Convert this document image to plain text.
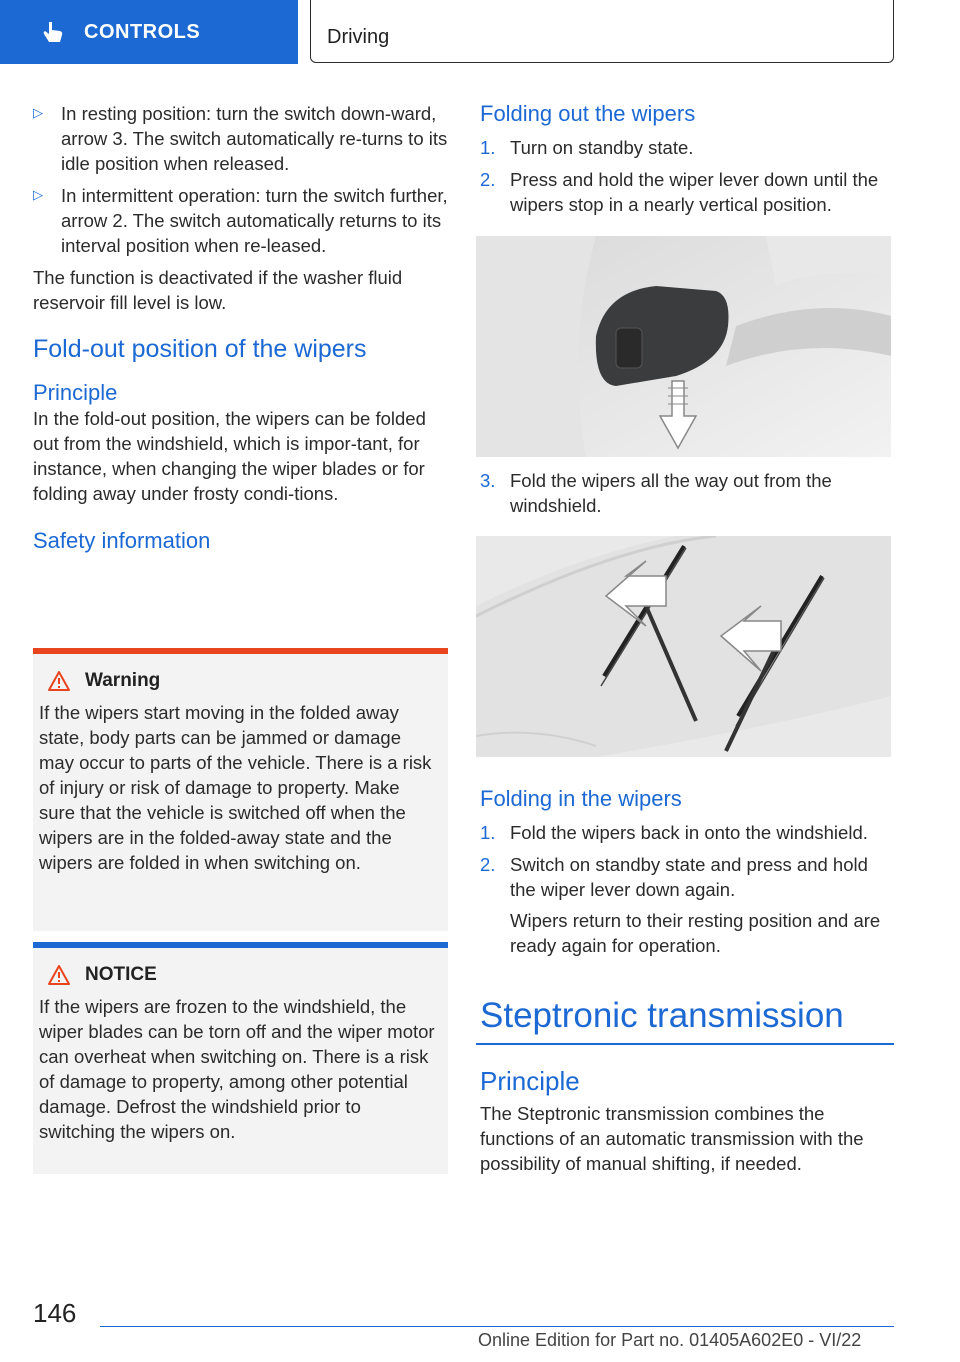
CONTROLS	Driving
▷ In resting position: turn the switch down‐ward, arrow 3. The switch automatically re‐turns to its idle position when released.

▷ In intermittent operation: turn the switch further, arrow 2. The switch automatically returns to its interval position when re‐leased.

The function is deactivated if the washer fluid reservoir fill level is low.

Fold-out position of the wipers
Principle

In the fold-out position, the wipers can be folded out from the windshield, which is impor‐tant, for instance, when changing the wiper blades or for folding away under frosty condi‐tions.

Safety information
Warning

If the wipers start moving in the folded away state, body parts can be jammed or damage may occur to parts of the vehicle. There is a risk of injury or risk of damage to property. Make sure that the vehicle is switched off when the wipers are in the folded-away state and the wipers are folded in when switching on.

NOTICE

If the wipers are frozen to the windshield, the wiper blades can be torn off and the wiper motor can overheat when switching on. There is a risk of damage to property, among other potential damage. Defrost the windshield prior to switching the wipers on.

Folding out the wipers
1. Turn on standby state.

2. Press and hold the wiper lever down until the wipers stop in a nearly vertical position.

3. Fold the wipers all the way out from the windshield.

Folding in the wipers
1. Fold the wipers back in onto the windshield.

2. Switch on standby state and press and hold the wiper lever down again.

Wipers return to their resting position and are ready again for operation.

Steptronic transmission
Principle

The Steptronic transmission combines the functions of an automatic transmission with the possibility of manual shifting, if needed.

146
Online Edition for Part no. 01405A602E0 - VI/22
